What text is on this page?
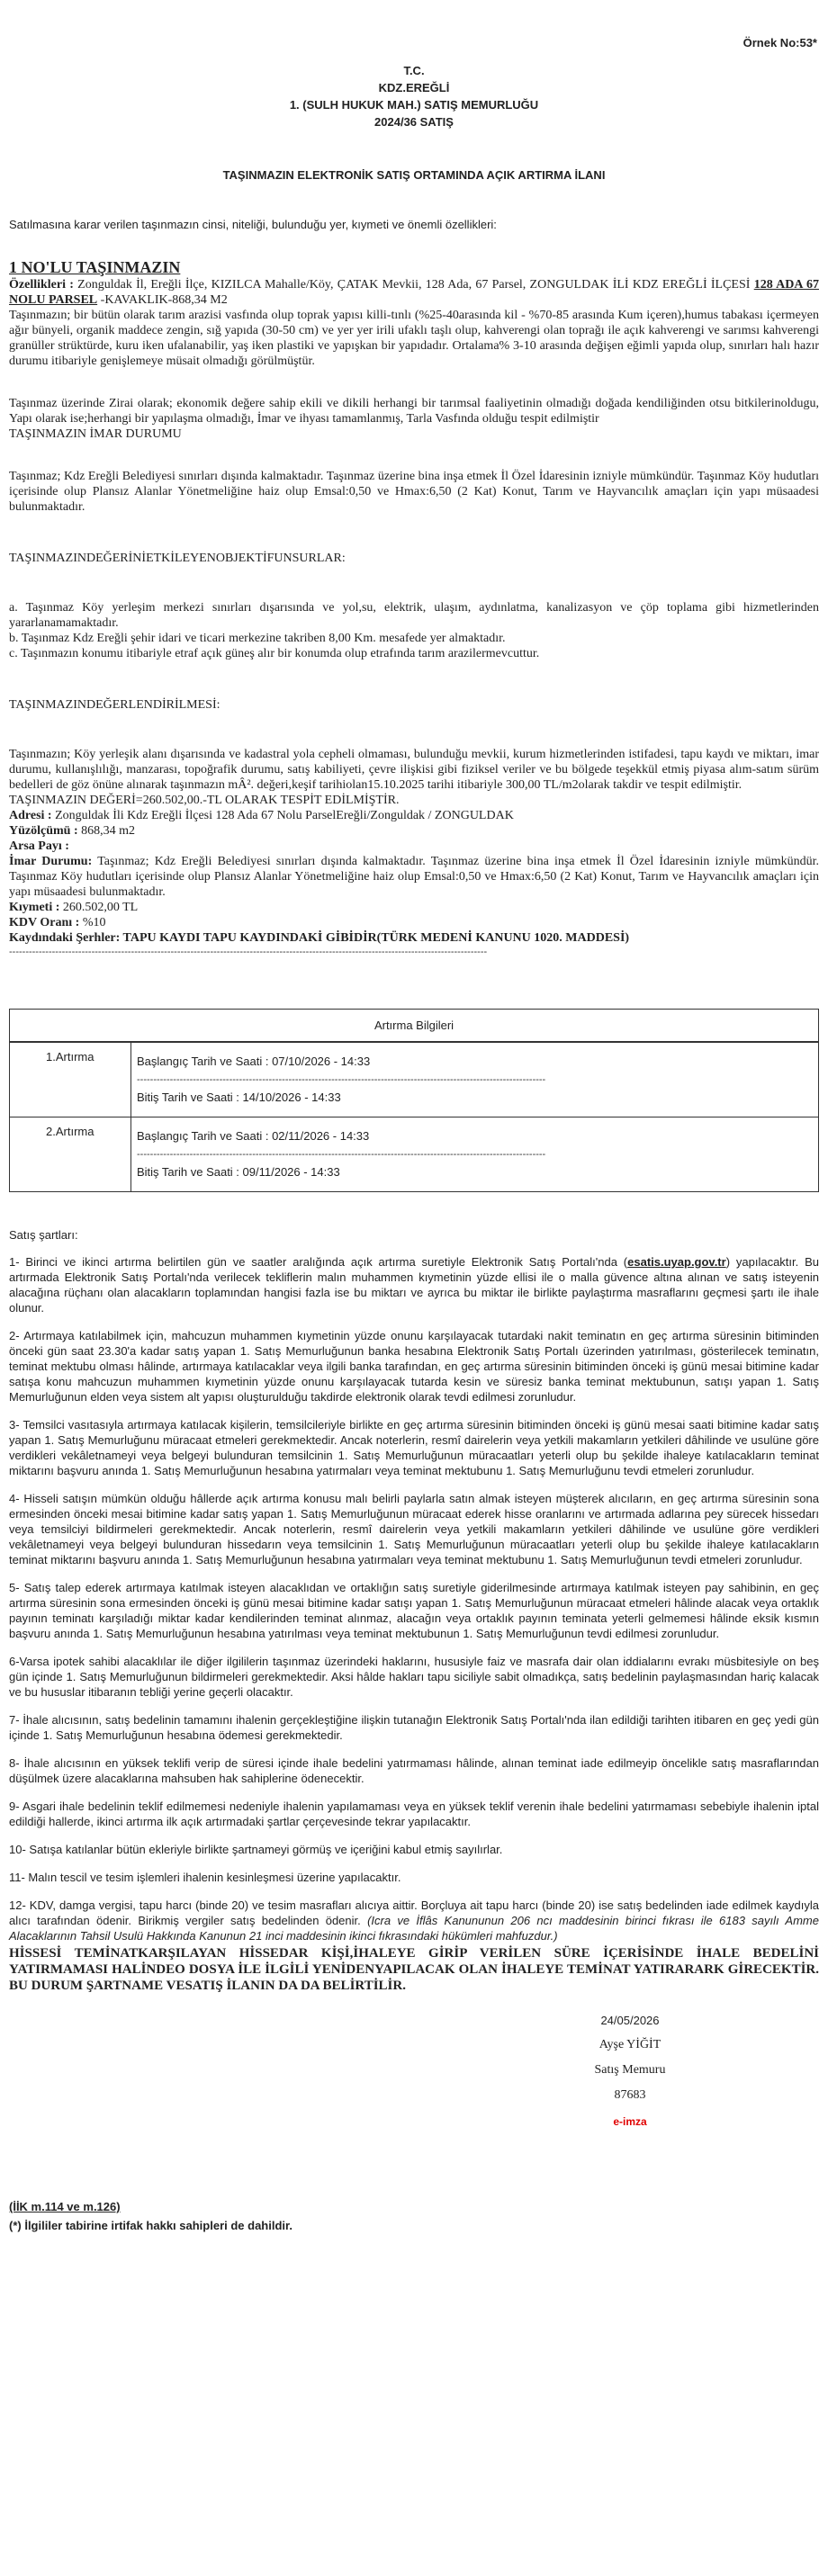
Örnek No:53*
T.C.
KDZ.EREĞLİ
1. (SULH HUKUK MAH.) SATIŞ MEMURLUĞU
2024/36 SATIŞ
TAŞINMAZIN ELEKTRONİK SATIŞ ORTAMINDA AÇIK ARTIRMA İLANI
Satılmasına karar verilen taşınmazın cinsi, niteliği, bulunduğu yer, kıymeti ve önemli özellikleri:
1 NO'LU TAŞINMAZIN

Özellikleri : Zonguldak İl, Ereğli İlçe, KIZILCA Mahalle/Köy, ÇATAK Mevkii, 128 Ada, 67 Parsel, ZONGULDAK İLİ KDZ EREĞLİ İLÇESİ 128 ADA 67 NOLU PARSEL -KAVAKLIK-868,34 M2

Taşınmazın; bir bütün olarak tarım arazisi vasfında olup toprak yapısı killi-tınlı (%25-40arasında kil - %70-85 arasında Kum içeren),humus tabakası içermeyen ağır bünyeli, organik maddece zengin, sığ yapıda (30-50 cm) ve yer yer irili ufaklı taşlı olup, kahverengi olan toprağı ile açık kahverengi ve sarımsı kahverengi granüller strüktürde, kuru iken ufalanabilir, yaş iken plastiki ve yapışkan bir yapıdadır. Ortalama% 3-10 arasında değişen eğimli yapıda olup, sınırları halı hazır durumu itibariyle genişlemeye müsait olmadığı görülmüştür.

Taşınmaz üzerinde Zirai olarak; ekonomik değere sahip ekili ve dikili herhangi bir tarımsal faaliyetinin olmadığı doğada kendiliğinden otsu bitkilerinoldugu, Yapı olarak ise;herhangi bir yapılaşma olmadığı, İmar ve ihyası tamamlanmış, Tarla Vasfında olduğu tespit edilmiştir

TAŞINMAZIN İMAR DURUMU

Taşınmaz; Kdz Ereğli Belediyesi sınırları dışında kalmaktadır. Taşınmaz üzerine bina inşa etmek İl Özel İdaresinin izniyle mümkündür. Taşınmaz Köy hudutları içerisinde olup Plansız Alanlar Yönetmeliğine haiz olup Emsal:0,50 ve Hmax:6,50 (2 Kat) Konut, Tarım ve Hayvancılık amaçları için yapı müsaadesi bulunmaktadır.

TAŞINMAZINDEĞERİNİETKİLEYENOBJEKTİFUNSURLAR:

a. Taşınmaz Köy yerleşim merkezi sınırları dışarısında ve yol,su, elektrik, ulaşım, aydınlatma, kanalizasyon ve çöp toplama gibi hizmetlerinden yararlanamamaktadır.

b. Taşınmaz Kdz Ereğli şehir idari ve ticari merkezine takriben 8,00 Km. mesafede yer almaktadır.

c. Taşınmazın konumu itibariyle etraf açık güneş alır bir konumda olup etrafında tarım arazilermevcuttur.

TAŞINMAZINDEĞERLENDİRİLMESİ:

Taşınmazın; Köy yerleşik alanı dışarısında ve kadastral yola cepheli olmaması, bulunduğu mevkii, kurum hizmetlerinden istifadesi, tapu kaydı ve miktarı, imar durumu, kullanışlılığı, manzarası, topoğrafik durumu, satış kabiliyeti, çevre ilişkisi gibi fiziksel veriler ve bu bölgede teşekkül etmiş piyasa alım-satım sürüm bedelleri de göz önüne alınarak taşınmazın mÂ². değeri,keşif tarihiolan15.10.2025 tarihi itibariyle 300,00 TL/m2olarak takdir ve tespit edilmiştir.

TAŞINMAZIN DEĞERİ=260.502,00.-TL OLARAK TESPİT EDİLMİŞTİR.

Adresi : Zonguldak İli Kdz Ereğli İlçesi 128 Ada 67 Nolu ParselEreğli/Zonguldak / ZONGULDAK

Yüzölçümü : 868,34 m2

Arsa Payı :

İmar Durumu: Taşınmaz; Kdz Ereğli Belediyesi sınırları dışında kalmaktadır. Taşınmaz üzerine bina inşa etmek İl Özel İdaresinin izniyle mümkündür. Taşınmaz Köy hudutları içerisinde olup Plansız Alanlar Yönetmeliğine haiz olup Emsal:0,50 ve Hmax:6,50 (2 Kat) Konut, Tarım ve Hayvancılık amaçları için yapı müsaadesi bulunmaktadır.

Kıymeti : 260.502,00 TL

KDV Oranı : %10

Kaydındaki Şerhler: TAPU KAYDI TAPU KAYDINDAKİ GİBİDİR(TÜRK MEDENİ KANUNU 1020. MADDESİ)

-------------------------------------------------------------------------------------------------------------------------------------------------
Artırma Bilgileri
1.Artırma	Başlangıç Tarih ve Saati : 07/10/2026 - 14:33
----------------------------------------------------------------------------------------------------------------------------
Bitiş Tarih ve Saati : 14/10/2026 - 14:33
2.Artırma	Başlangıç Tarih ve Saati : 02/11/2026 - 14:33
----------------------------------------------------------------------------------------------------------------------------
Bitiş Tarih ve Saati : 09/11/2026 - 14:33
Satış şartları:

1- Birinci ve ikinci artırma belirtilen gün ve saatler aralığında açık artırma suretiyle Elektronik Satış Portalı'nda (esatis.uyap.gov.tr) yapılacaktır. Bu artırmada Elektronik Satış Portalı'nda verilecek tekliflerin malın muhammen kıymetinin yüzde ellisi ile o malla güvence altına alınan ve satış isteyenin alacağına rüçhanı olan alacakların toplamından hangisi fazla ise bu miktarı ve ayrıca bu miktar ile birlikte paylaştırma masraflarını geçmesi şartı ile ihale olunur.

2- Artırmaya katılabilmek için, mahcuzun muhammen kıymetinin yüzde onunu karşılayacak tutardaki nakit teminatın en geç artırma süresinin bitiminden önceki gün saat 23.30'a kadar satış yapan 1. Satış Memurluğunun banka hesabına Elektronik Satış Portalı üzerinden yatırılması, gösterilecek teminatın, teminat mektubu olması hâlinde, artırmaya katılacaklar veya ilgili banka tarafından, en geç artırma süresinin bitiminden önceki iş günü mesai bitimine kadar satışa konu mahcuzun muhammen kıymetinin yüzde onunu karşılayacak tutarda kesin ve süresiz banka teminat mektubunun, satışı yapan 1. Satış Memurluğunun elden veya sistem alt yapısı oluşturulduğu takdirde elektronik olarak tevdi edilmesi zorunludur.

3- Temsilci vasıtasıyla artırmaya katılacak kişilerin, temsilcileriyle birlikte en geç artırma süresinin bitiminden önceki iş günü mesai saati bitimine kadar satış yapan 1. Satış Memurluğunu müracaat etmeleri gerekmektedir. Ancak noterlerin, resmî dairelerin veya yetkili makamların yetkileri dâhilinde ve usulüne göre verdikleri vekâletnameyi veya belgeyi bulunduran temsilcinin 1. Satış Memurluğunun müracaatları yeterli olup bu şekilde ihaleye katılacakların teminat miktarını başvuru anında 1. Satış Memurluğunun hesabına yatırmaları veya teminat mektubunu 1. Satış Memurluğunu tevdi etmeleri zorunludur.

4- Hisseli satışın mümkün olduğu hâllerde açık artırma konusu malı belirli paylarla satın almak isteyen müşterek alıcıların, en geç artırma süresinin sona ermesinden önceki mesai bitimine kadar satış yapan 1. Satış Memurluğunun müracaat ederek hisse oranlarını ve artırmada adlarına pey sürecek hissedarı veya temsilciyi bildirmeleri gerekmektedir. Ancak noterlerin, resmî dairelerin veya yetkili makamların yetkileri dâhilinde ve usulüne göre verdikleri vekâletnameyi veya belgeyi bulunduran hissedarın veya temsilcinin 1. Satış Memurluğunun müracaatları yeterli olup bu şekilde ihaleye katılacakların teminat miktarını başvuru anında 1. Satış Memurluğunun hesabına yatırmaları veya teminat mektubunu 1. Satış Memurluğunun tevdi etmeleri zorunludur.

5- Satış talep ederek artırmaya katılmak isteyen alacaklıdan ve ortaklığın satış suretiyle giderilmesinde artırmaya katılmak isteyen pay sahibinin, en geç artırma süresinin sona ermesinden önceki iş günü mesai bitimine kadar satışı yapan 1. Satış Memurluğunun müracaat etmeleri hâlinde alacak veya ortaklık payının teminatı karşıladığı miktar kadar kendilerinden teminat alınmaz, alacağın veya ortaklık payının teminata yeterli gelmemesi hâlinde eksik kısmın başvuru anında 1. Satış Memurluğunun hesabına yatırılması veya teminat mektubunun 1. Satış Memurluğunun tevdi edilmesi zorunludur.

6-Varsa ipotek sahibi alacaklılar ile diğer ilgililerin taşınmaz üzerindeki haklarını, hususiyle faiz ve masrafa dair olan iddialarını evrakı müsbitesiyle on beş gün içinde 1. Satış Memurluğunun bildirmeleri gerekmektedir. Aksi hâlde hakları tapu siciliyle sabit olmadıkça, satış bedelinin paylaşmasından hariç kalacak ve bu hususlar itibaranın tebliği yerine geçerli olacaktır.

7- İhale alıcısının, satış bedelinin tamamını ihalenin gerçekleştiğine ilişkin tutanağın Elektronik Satış Portalı'nda ilan edildiği tarihten itibaren en geç yedi gün içinde 1. Satış Memurluğunun hesabına ödemesi gerekmektedir.

8- İhale alıcısının en yüksek teklifi verip de süresi içinde ihale bedelini yatırmaması hâlinde, alınan teminat iade edilmeyip öncelikle satış masraflarından düşülmek üzere alacaklarına mahsuben hak sahiplerine ödenecektir.

9- Asgari ihale bedelinin teklif edilmemesi nedeniyle ihalenin yapılamaması veya en yüksek teklif verenin ihale bedelini yatırmaması sebebiyle ihalenin iptal edildiği hallerde, ikinci artırma ilk açık artırmadaki şartlar çerçevesinde tekrar yapılacaktır.

10- Satışa katılanlar bütün ekleriyle birlikte şartnameyi görmüş ve içeriğini kabul etmiş sayılırlar.

11- Malın tescil ve tesim işlemleri ihalenin kesinleşmesi üzerine yapılacaktır.

12- KDV, damga vergisi, tapu harcı (binde 20) ve tesim masrafları alıcıya aittir. Borçluya ait tapu harcı (binde 20) ise satış bedelinden iade edilmek kaydıyla alıcı tarafından ödenir. Birikmiş vergiler satış bedelinden ödenir. (Icra ve İflâs Kanununun 206 ncı maddesinin birinci fıkrası ile 6183 sayılı Amme Alacaklarının Tahsil Usulü Hakkında Kanunun 21 inci maddesinin ikinci fıkrasındaki hükümleri mahfuzdur.)

HİSSESİ TEMİNATKARŞILAYAN HİSSEDAR KİŞİ,İHALEYE GİRİP VERİLEN SÜRE İÇERİSİNDE İHALE BEDELİNİ YATIRMAMASI HALİNDEO DOSYA İLE İLGİLİ YENİDENYAPILACAK OLAN İHALEYE TEMİNAT YATIRARARK GİRECEKTİR. BU DURUM ŞARTNAME VESATIŞ İLANIN DA DA BELİRTİLİR.
24/05/2026
Ayşe YİĞİT
Satış Memuru
87683
e-imza
(İİK m.114 ve m.126)
(*) İlgililer tabirine irtifak hakkı sahipleri de dahildir.
